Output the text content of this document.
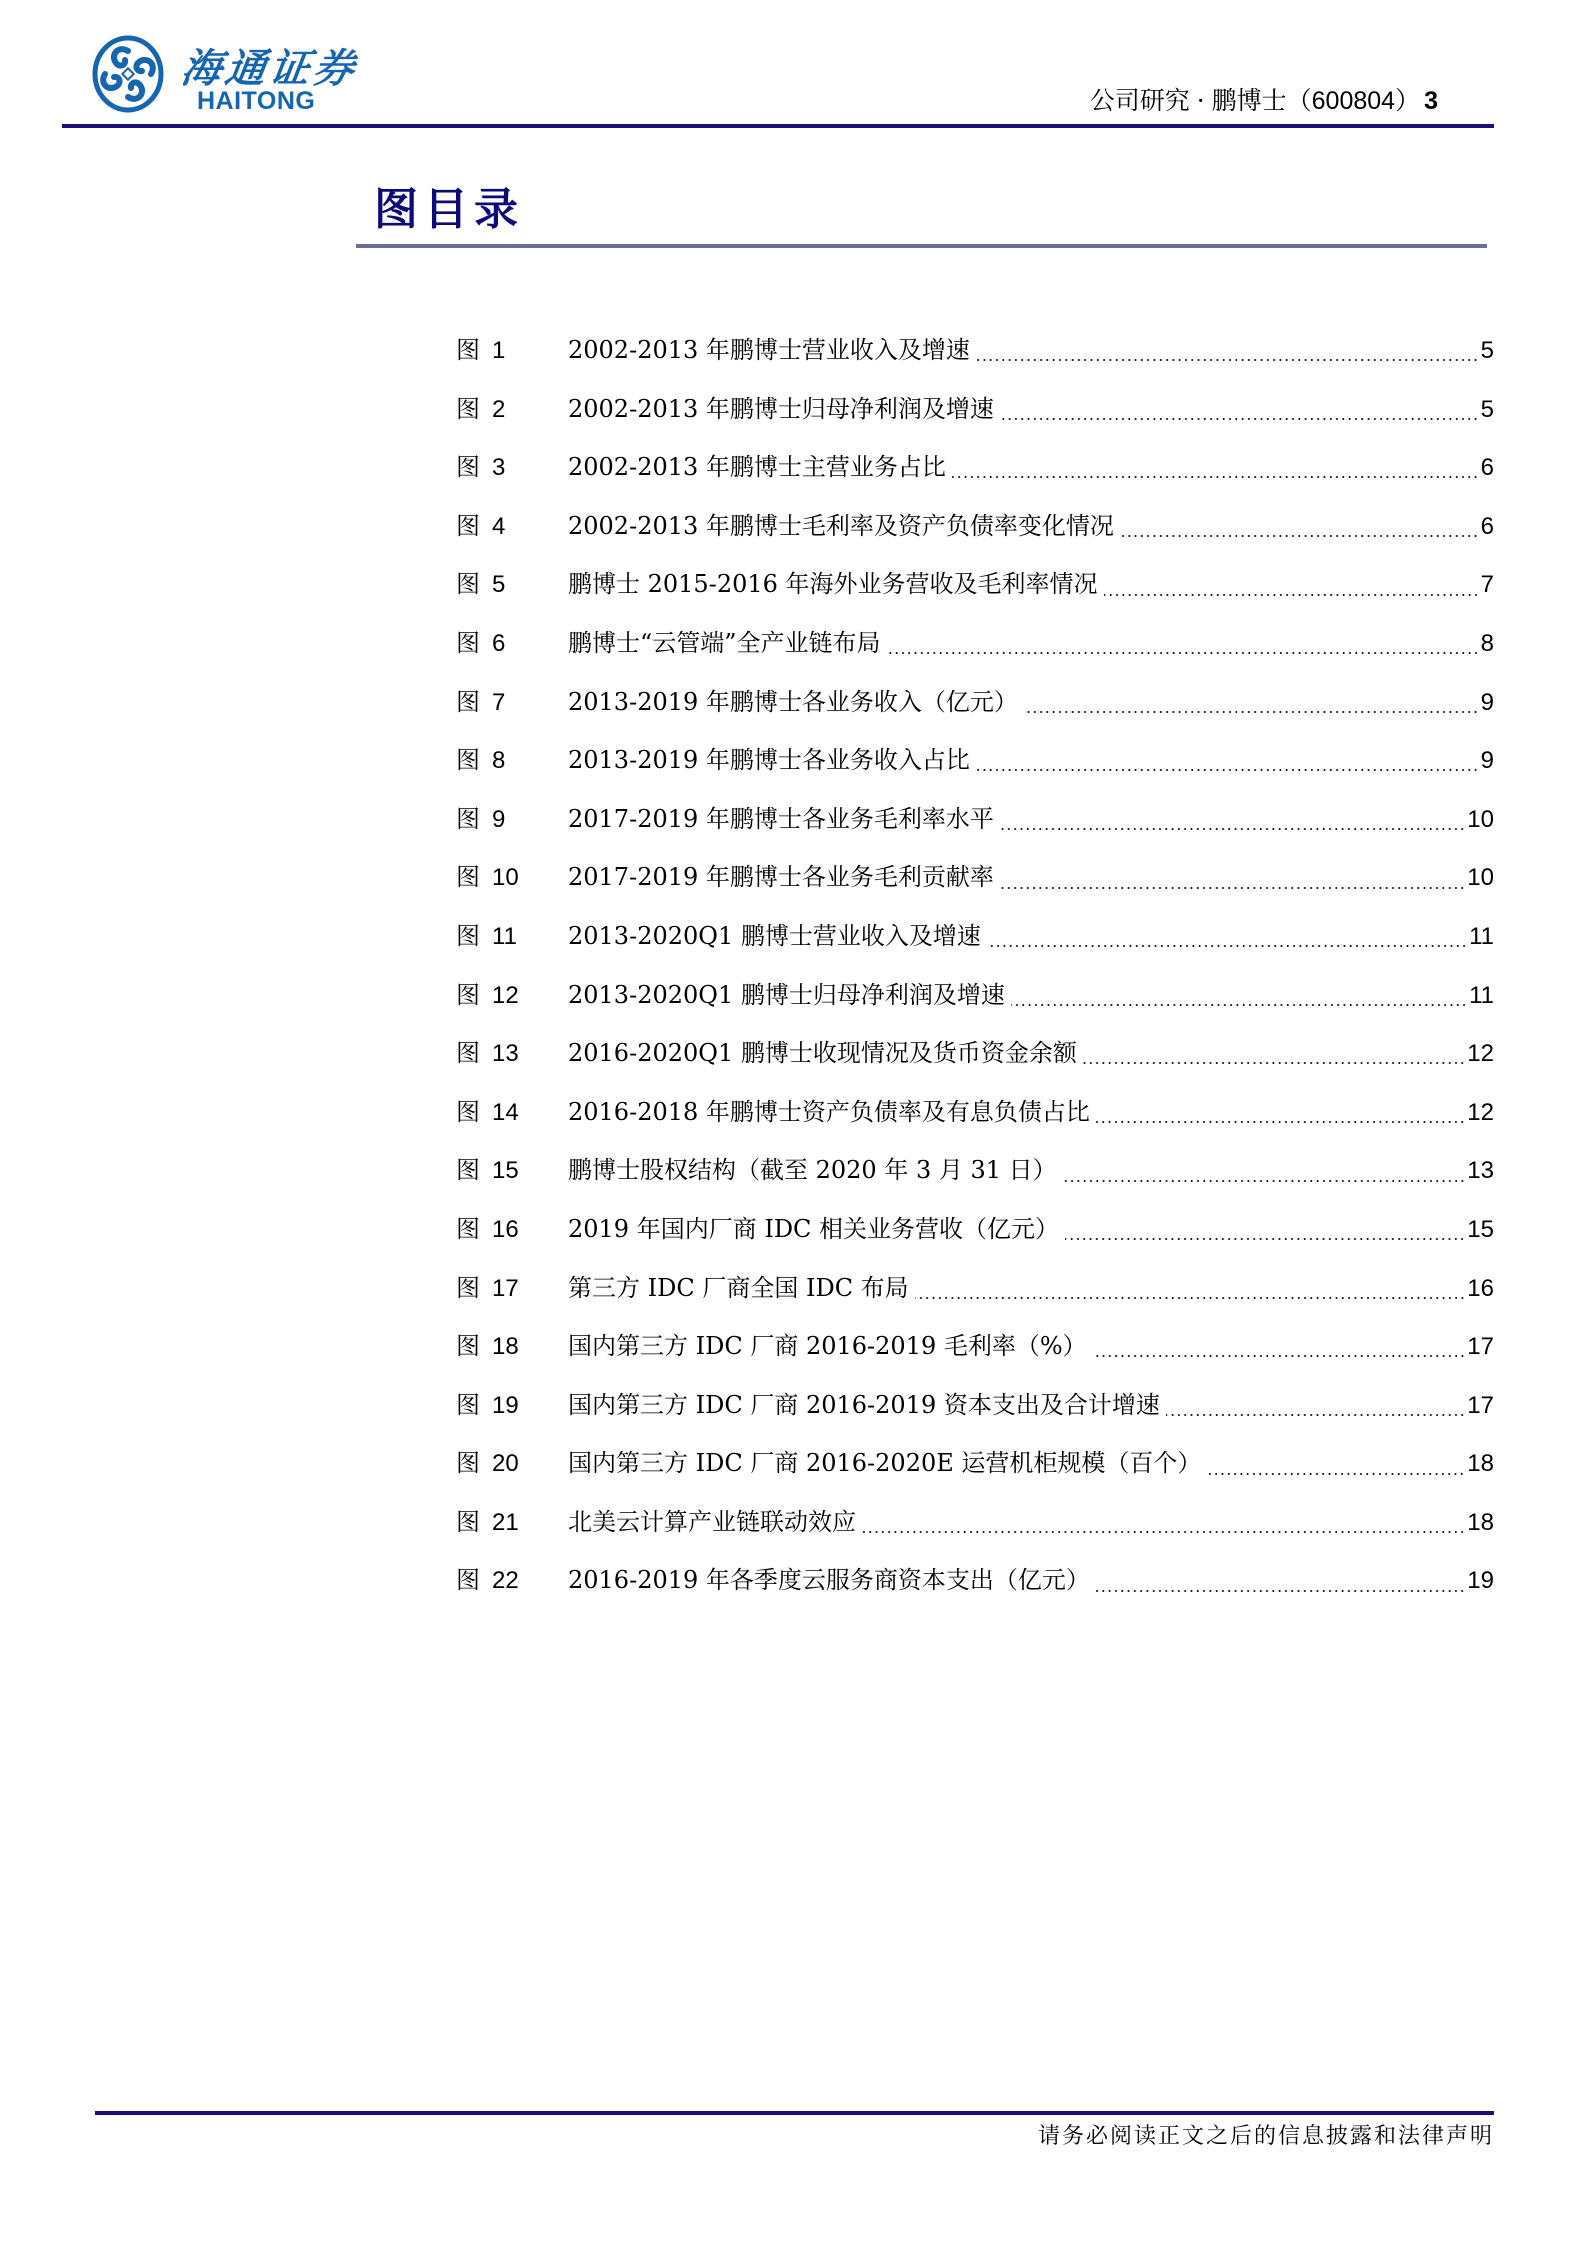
海通证券
HAITONG	公司研究 · 鹏博士（600804） 3
图目录
图 1	2002-2013 年鹏博士营业收入及增速	5
图 2	2002-2013 年鹏博士归母净利润及增速	5
图 3	2002-2013 年鹏博士主营业务占比	6
图 4	2002-2013 年鹏博士毛利率及资产负债率变化情况	6
图 5	鹏博士 2015-2016 年海外业务营收及毛利率情况	7
图 6	鹏博士“云管端”全产业链布局	8
图 7	2013-2019 年鹏博士各业务收入（亿元）	9
图 8	2013-2019 年鹏博士各业务收入占比	9
图 9	2017-2019 年鹏博士各业务毛利率水平	10
图 10	2017-2019 年鹏博士各业务毛利贡献率	10
图 11	2013-2020Q1 鹏博士营业收入及增速	11
图 12	2013-2020Q1 鹏博士归母净利润及增速	11
图 13	2016-2020Q1 鹏博士收现情况及货币资金余额	12
图 14	2016-2018 年鹏博士资产负债率及有息负债占比	12
图 15	鹏博士股权结构（截至 2020 年 3 月 31 日）	13
图 16	2019 年国内厂商 IDC 相关业务营收（亿元）	15
图 17	第三方 IDC 厂商全国 IDC 布局	16
图 18	国内第三方 IDC 厂商 2016-2019 毛利率（%）	17
图 19	国内第三方 IDC 厂商 2016-2019 资本支出及合计增速	17
图 20	国内第三方 IDC 厂商 2016-2020E 运营机柜规模（百个）	18
图 21	北美云计算产业链联动效应	18
图 22	2016-2019 年各季度云服务商资本支出（亿元）	19
请务必阅读正文之后的信息披露和法律声明
